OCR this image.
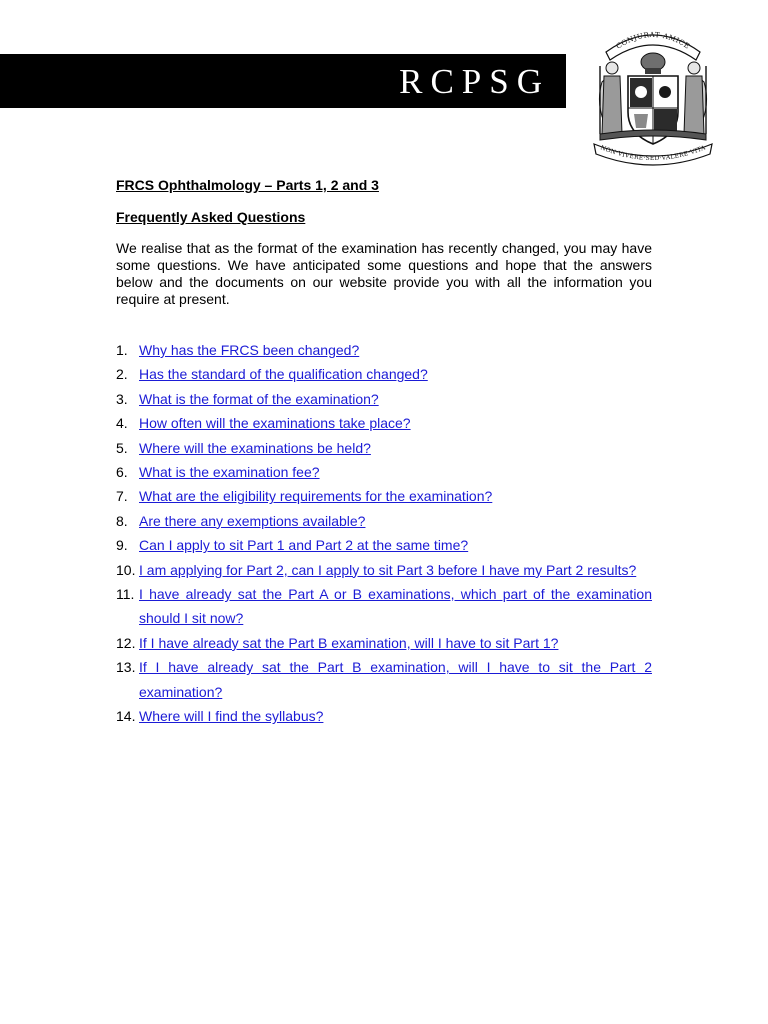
RCPSG
CONJURAT·AMICE
NON·VIVERE·SED·VALERE·VITA
FRCS Ophthalmology – Parts 1, 2 and 3
Frequently Asked Questions

We realise that as the format of the examination has recently changed, you may have some questions. We have anticipated some questions and hope that the answers below and the documents on our website provide you with all the information you require at present.

1. Why has the FRCS been changed?
2. Has the standard of the qualification changed?
3. What is the format of the examination?
4. How often will the examinations take place?
5. Where will the examinations be held?
6. What is the examination fee?
7. What are the eligibility requirements for the examination?
8. Are there any exemptions available?
9. Can I apply to sit Part 1 and Part 2 at the same time?
10. I am applying for Part 2, can I apply to sit Part 3 before I have my Part 2 results?
11. I have already sat the Part A or B examinations, which part of the examination should I sit now?
12. If I have already sat the Part B examination, will I have to sit Part 1?
13. If I have already sat the Part B examination, will I have to sit the Part 2 examination?
14. Where will I find the syllabus?
